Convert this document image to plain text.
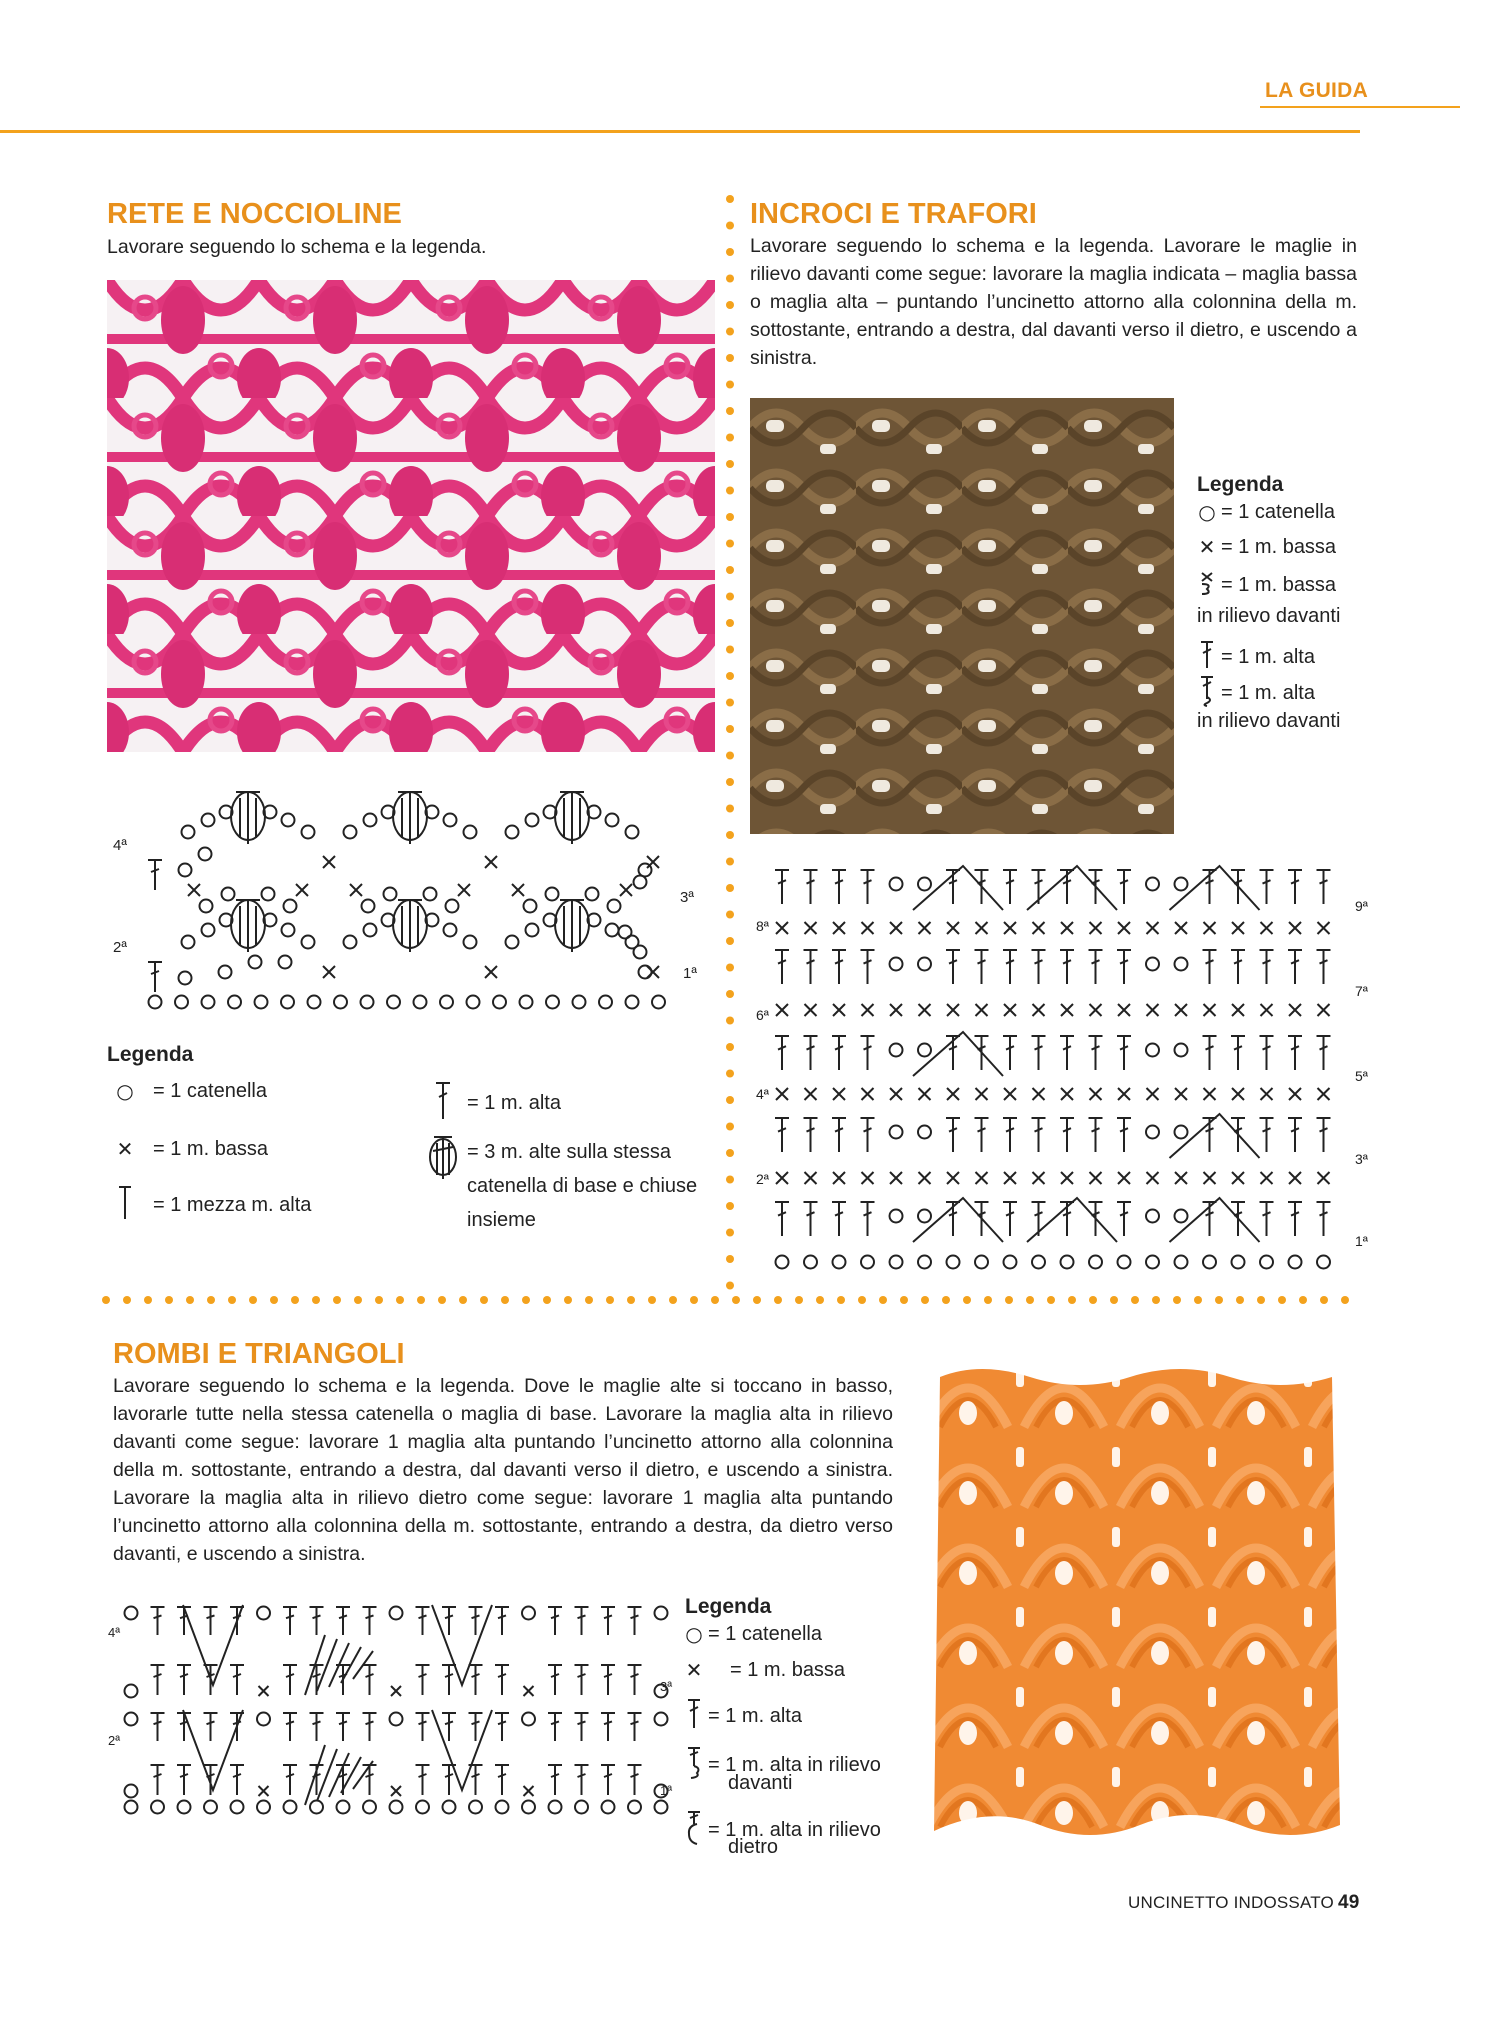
LA GUIDA
RETE E NOCCIOLINE

Lavorare seguendo lo schema e la legenda.

4ª
3ª
2ª
1ª
Legenda
○ = 1 catenella
✕ = 1 m. bassa
= 1 mezza m. alta
= 1 m. alta
= 3 m. alte sulla stessa catenella di base e chiuse insieme
INCROCI E TRAFORI

Lavorare seguendo lo schema e la legenda. Lavorare le maglie in rilievo davanti come segue: lavorare la maglia indicata – maglia bassa o maglia alta – puntando l’uncinetto attorno alla colonnina della m. sottostante, entrando a destra, dal davanti verso il dietro, e uscendo a sinistra.

Legenda
○ = 1 catenella
✕ = 1 m. bassa
= 1 m. bassa
in rilievo davanti
= 1 m. alta
= 1 m. alta
in rilievo davanti
8ª
6ª
4ª
2ª
9ª
7ª
5ª
3ª
1ª
ROMBI E TRIANGOLI

Lavorare seguendo lo schema e la legenda. Dove le maglie alte si toccano in basso, lavorarle tutte nella stessa catenella o maglia di base. Lavorare la maglia alta in rilievo davanti come segue: lavorare 1 maglia alta puntando l’uncinetto attorno alla colonnina della m. sottostante, entrando a destra, dal davanti verso il dietro, e uscendo a sinistra. Lavorare la maglia alta in rilievo dietro come segue: lavorare 1 maglia alta puntando l’uncinetto attorno alla colonnina della m. sottostante, entrando a destra, da dietro verso davanti, e uscendo a sinistra.

4ª
2ª
3ª
1ª
Legenda
○ = 1 catenella
✕ = 1 m. bassa
= 1 m. alta
= 1 m. alta in rilievo
davanti
= 1 m. alta in rilievo
dietro
UNCINETTO INDOSSATO 49
